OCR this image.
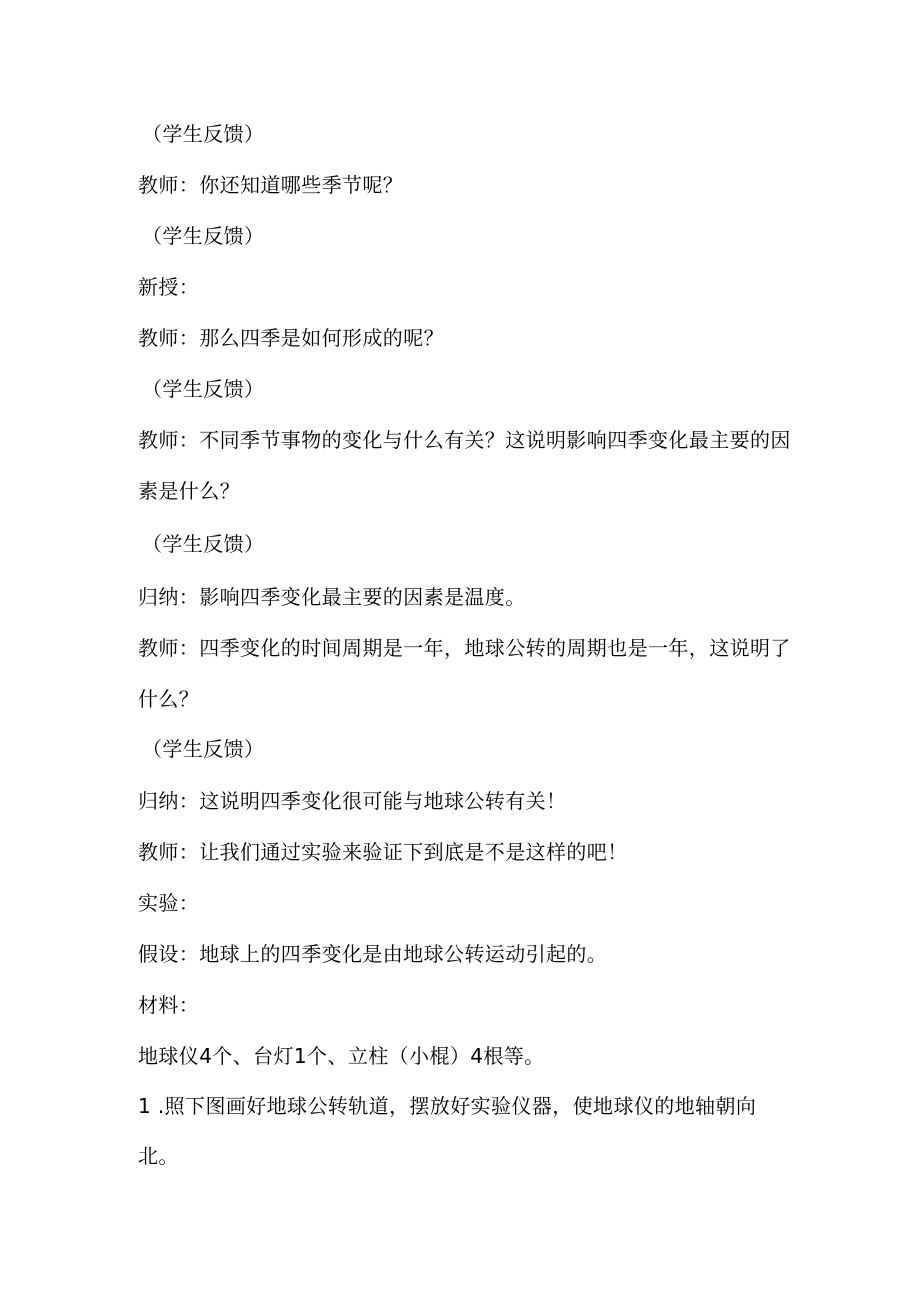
（学生反馈）
教师：你还知道哪些季节呢？
（学生反馈）
新授：
教师：那么四季是如何形成的呢？
（学生反馈）
教师：不同季节事物的变化与什么有关？这说明影响四季变化最主要的因
素是什么？
（学生反馈）
归纳：影响四季变化最主要的因素是温度。
教师：四季变化的时间周期是一年，地球公转的周期也是一年，这说明了
什么？
（学生反馈）
归纳：这说明四季变化很可能与地球公转有关！
教师：让我们通过实验来验证下到底是不是这样的吧！
实验：
假设：地球上的四季变化是由地球公转运动引起的。
材料：
地球仪4个、台灯1个、立柱（小棍）4根等。
1 .照下图画好地球公转轨道，摆放好实验仪器，使地球仪的地轴朝向
北。
